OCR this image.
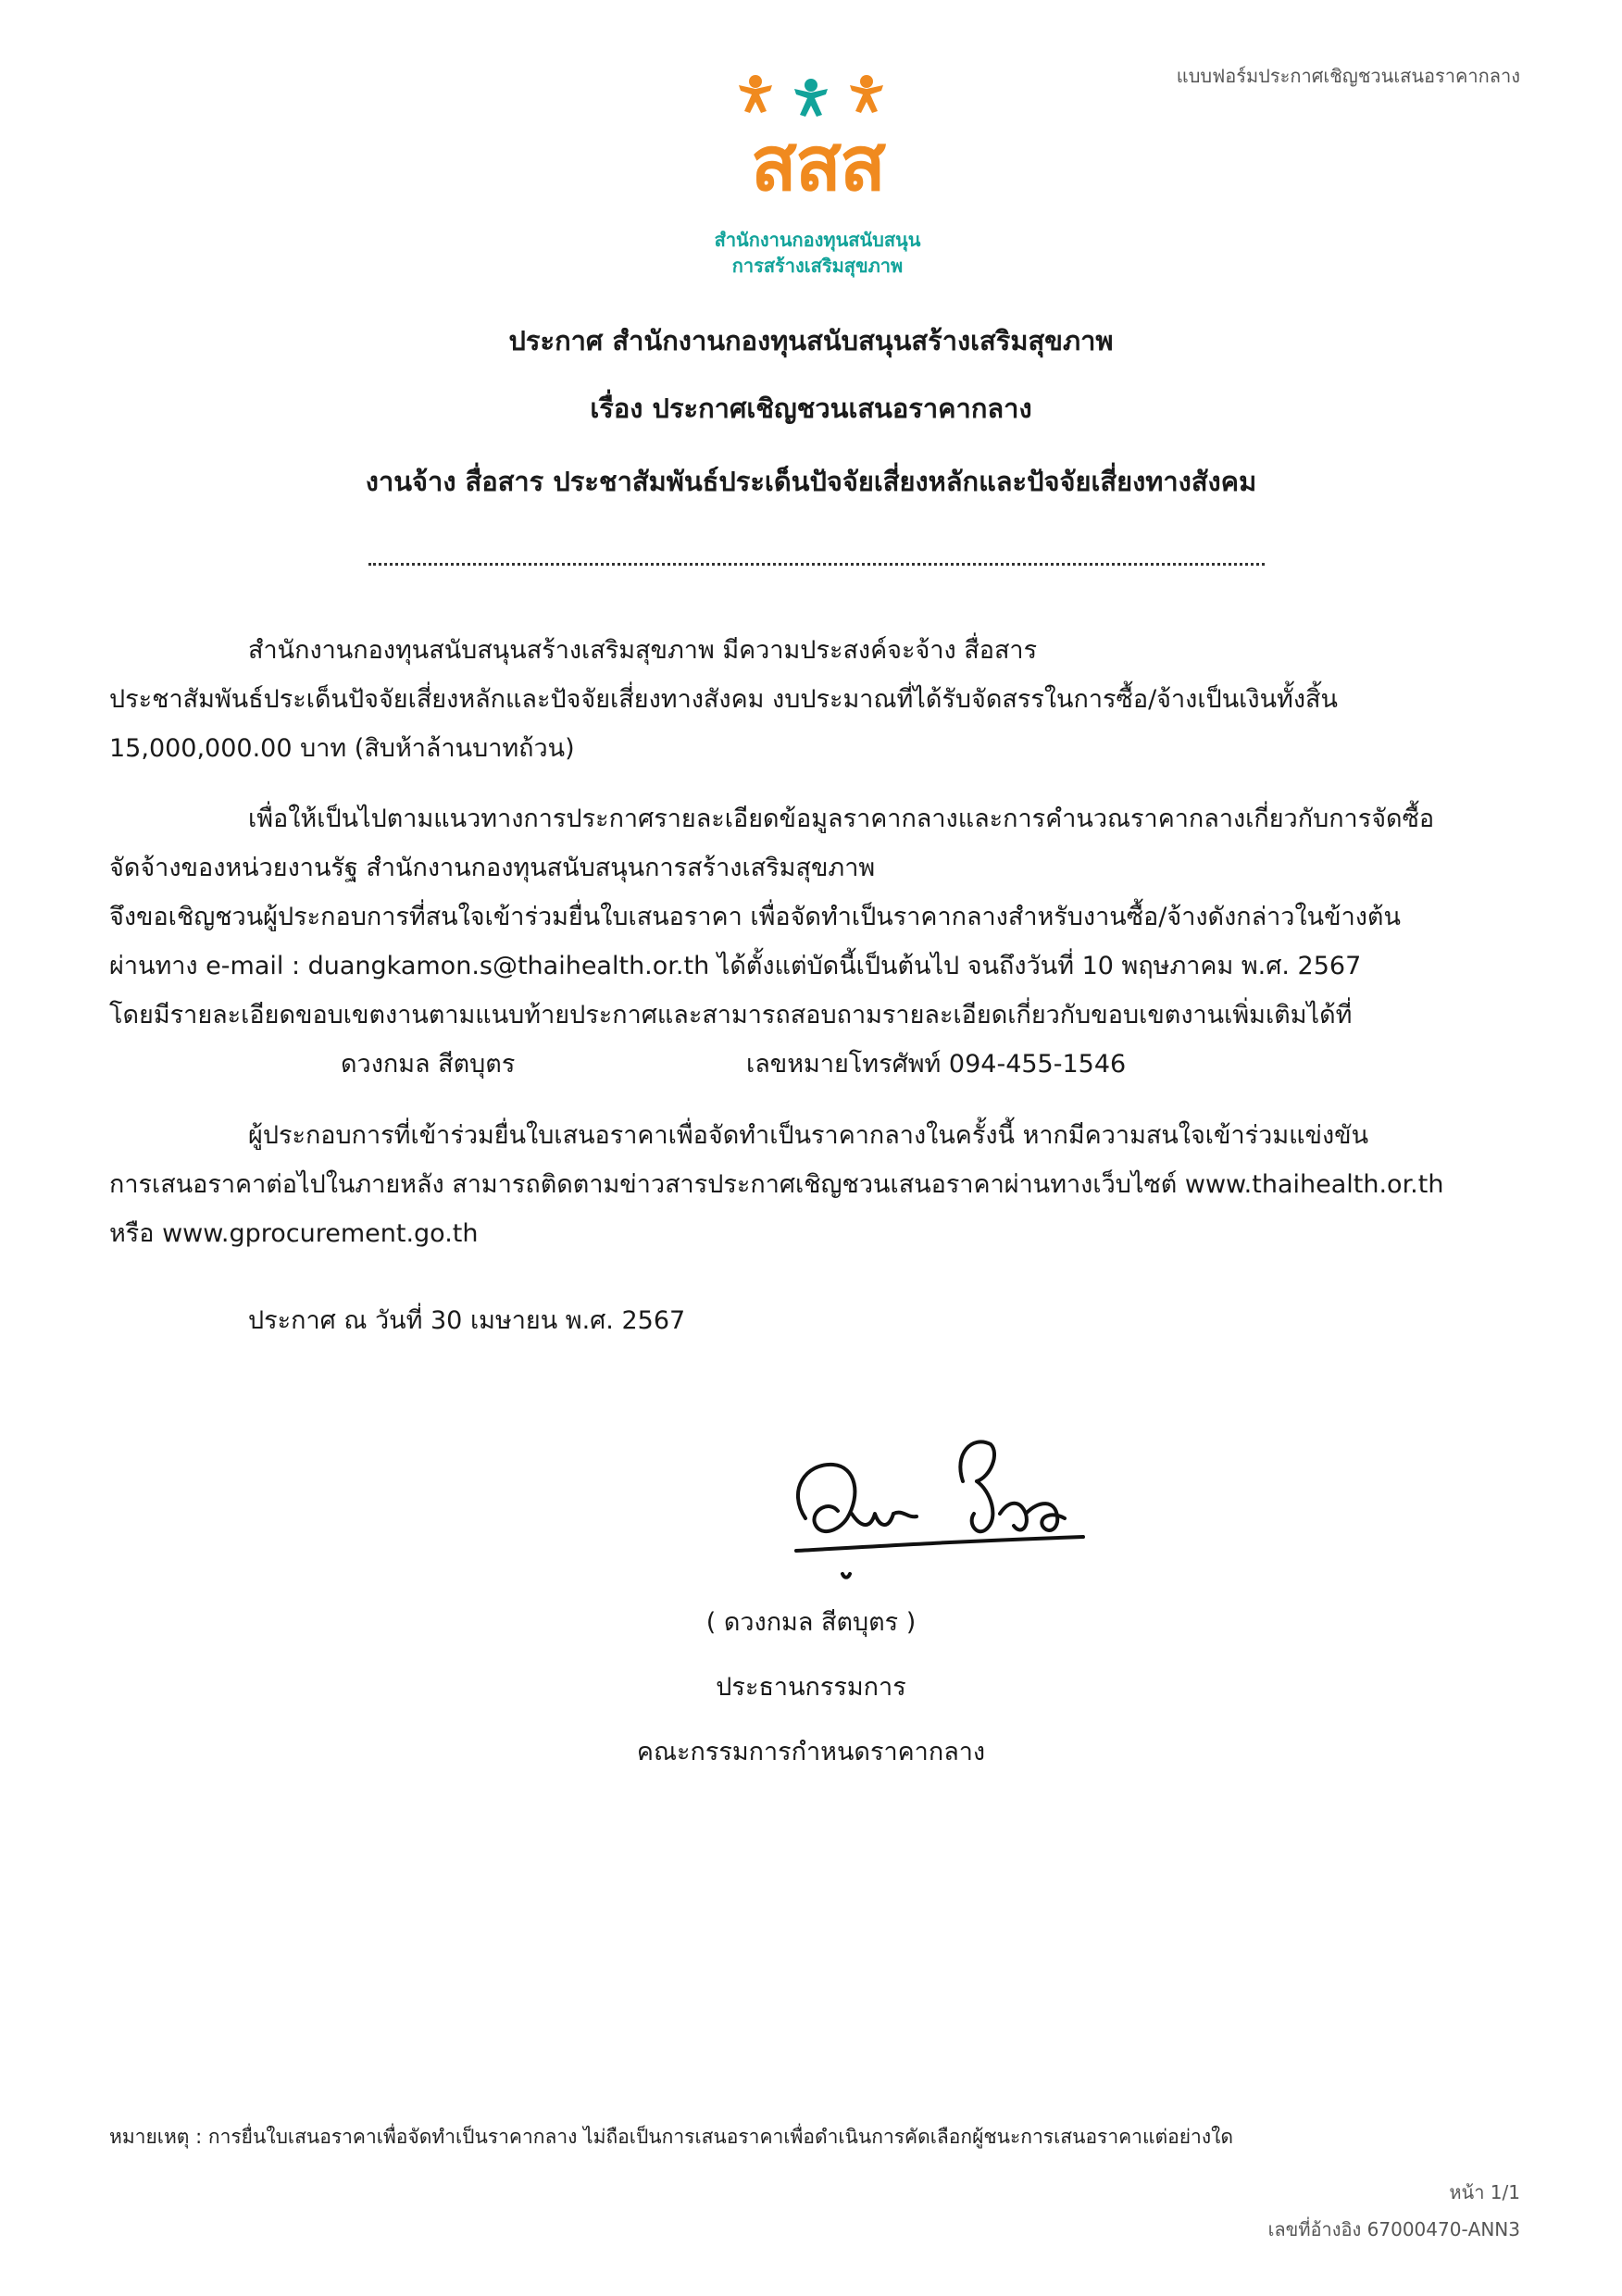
แบบฟอร์มประกาศเชิญชวนเสนอราคากลาง
สสส
สำนักงานกองทุนสนับสนุน
การสร้างเสริมสุขภาพ
ประกาศ สำนักงานกองทุนสนับสนุนสร้างเสริมสุขภาพ
เรื่อง ประกาศเชิญชวนเสนอราคากลาง
งานจ้าง สื่อสาร ประชาสัมพันธ์ประเด็นปัจจัยเสี่ยงหลักและปัจจัยเสี่ยงทางสังคม
สำนักงานกองทุนสนับสนุนสร้างเสริมสุขภาพ มีความประสงค์จะจ้าง สื่อสาร
ประชาสัมพันธ์ประเด็นปัจจัยเสี่ยงหลักและปัจจัยเสี่ยงทางสังคม งบประมาณที่ได้รับจัดสรรในการซื้อ/จ้างเป็นเงินทั้งสิ้น
15,000,000.00 บาท (สิบห้าล้านบาทถ้วน)
เพื่อให้เป็นไปตามแนวทางการประกาศรายละเอียดข้อมูลราคากลางและการคำนวณราคากลางเกี่ยวกับการจัดซื้อ
จัดจ้างของหน่วยงานรัฐ สำนักงานกองทุนสนับสนุนการสร้างเสริมสุขภาพ
จึงขอเชิญชวนผู้ประกอบการที่สนใจเข้าร่วมยื่นใบเสนอราคา เพื่อจัดทำเป็นราคากลางสำหรับงานซื้อ/จ้างดังกล่าวในข้างต้น
ผ่านทาง e-mail : duangkamon.s@thaihealth.or.th ได้ตั้งแต่บัดนี้เป็นต้นไป จนถึงวันที่ 10 พฤษภาคม พ.ศ. 2567
โดยมีรายละเอียดขอบเขตงานตามแนบท้ายประกาศและสามารถสอบถามรายละเอียดเกี่ยวกับขอบเขตงานเพิ่มเติมได้ที่
ดวงกมล สีตบุตร	เลขหมายโทรศัพท์ 094-455-1546
ผู้ประกอบการที่เข้าร่วมยื่นใบเสนอราคาเพื่อจัดทำเป็นราคากลางในครั้งนี้ หากมีความสนใจเข้าร่วมแข่งขัน
การเสนอราคาต่อไปในภายหลัง สามารถติดตามข่าวสารประกาศเชิญชวนเสนอราคาผ่านทางเว็บไซต์ www.thaihealth.or.th
หรือ www.gprocurement.go.th
ประกาศ ณ วันที่ 30 เมษายน พ.ศ. 2567
( ดวงกมล สีตบุตร )
ประธานกรรมการ
คณะกรรมการกำหนดราคากลาง
หมายเหตุ : การยื่นใบเสนอราคาเพื่อจัดทำเป็นราคากลาง ไม่ถือเป็นการเสนอราคาเพื่อดำเนินการคัดเลือกผู้ชนะการเสนอราคาแต่อย่างใด
หน้า 1/1
เลขที่อ้างอิง 67000470-ANN3
